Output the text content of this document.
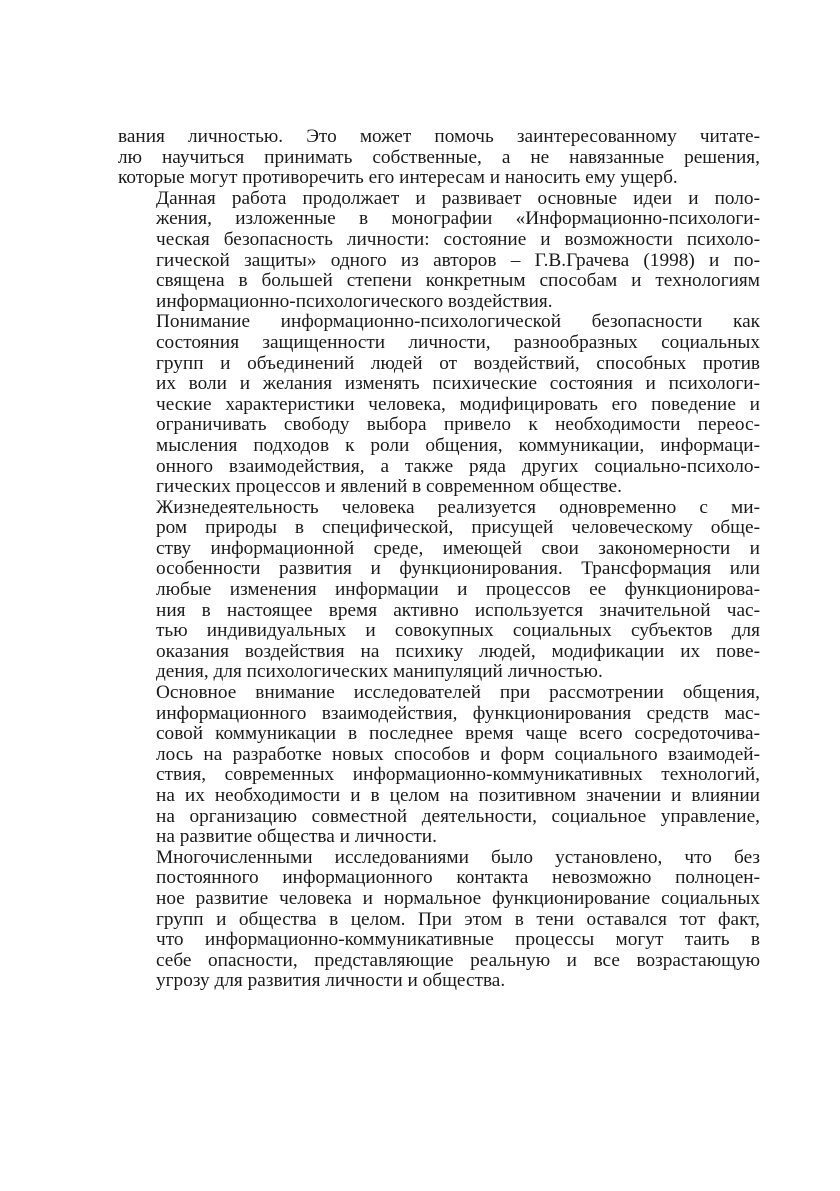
вания личностью. Это может помочь заинтересованному читате-
лю научиться принимать собственные, а не навязанные решения,
которые могут противоречить его интересам и наносить ему ущерб.

Данная работа продолжает и развивает основные идеи и поло-
жения, изложенные в монографии «Информационно-психологи-
ческая безопасность личности: состояние и возможности психоло-
гической защиты» одного из авторов – Г.В.Грачева (1998) и по-
священа в большей степени конкретным способам и технологиям
информационно-психологического воздействия.

Понимание информационно-психологической безопасности как
состояния защищенности личности, разнообразных социальных
групп и объединений людей от воздействий, способных против
их воли и желания изменять психические состояния и психологи-
ческие характеристики человека, модифицировать его поведение и
ограничивать свободу выбора привело к необходимости переос-
мысления подходов к роли общения, коммуникации, информаци-
онного взаимодействия, а также ряда других социально-психоло-
гических процессов и явлений в современном обществе.

Жизнедеятельность человека реализуется одновременно с ми-
ром природы в специфической, присущей человеческому обще-
ству информационной среде, имеющей свои закономерности и
особенности развития и функционирования. Трансформация или
любые изменения информации и процессов ее функционирова-
ния в настоящее время активно используется значительной час-
тью индивидуальных и совокупных социальных субъектов для
оказания воздействия на психику людей, модификации их пове-
дения, для психологических манипуляций личностью.

Основное внимание исследователей при рассмотрении общения,
информационного взаимодействия, функционирования средств мас-
совой коммуникации в последнее время чаще всего сосредоточива-
лось на разработке новых способов и форм социального взаимодей-
ствия, современных информационно-коммуникативных технологий,
на их необходимости и в целом на позитивном значении и влиянии
на организацию совместной деятельности, социальное управление,
на развитие общества и личности.

Многочисленными исследованиями было установлено, что без
постоянного информационного контакта невозможно полноцен-
ное развитие человека и нормальное функционирование социальных
групп и общества в целом. При этом в тени оставался тот факт,
что информационно-коммуникативные процессы могут таить в
себе опасности, представляющие реальную и все возрастающую
угрозу для развития личности и общества.
